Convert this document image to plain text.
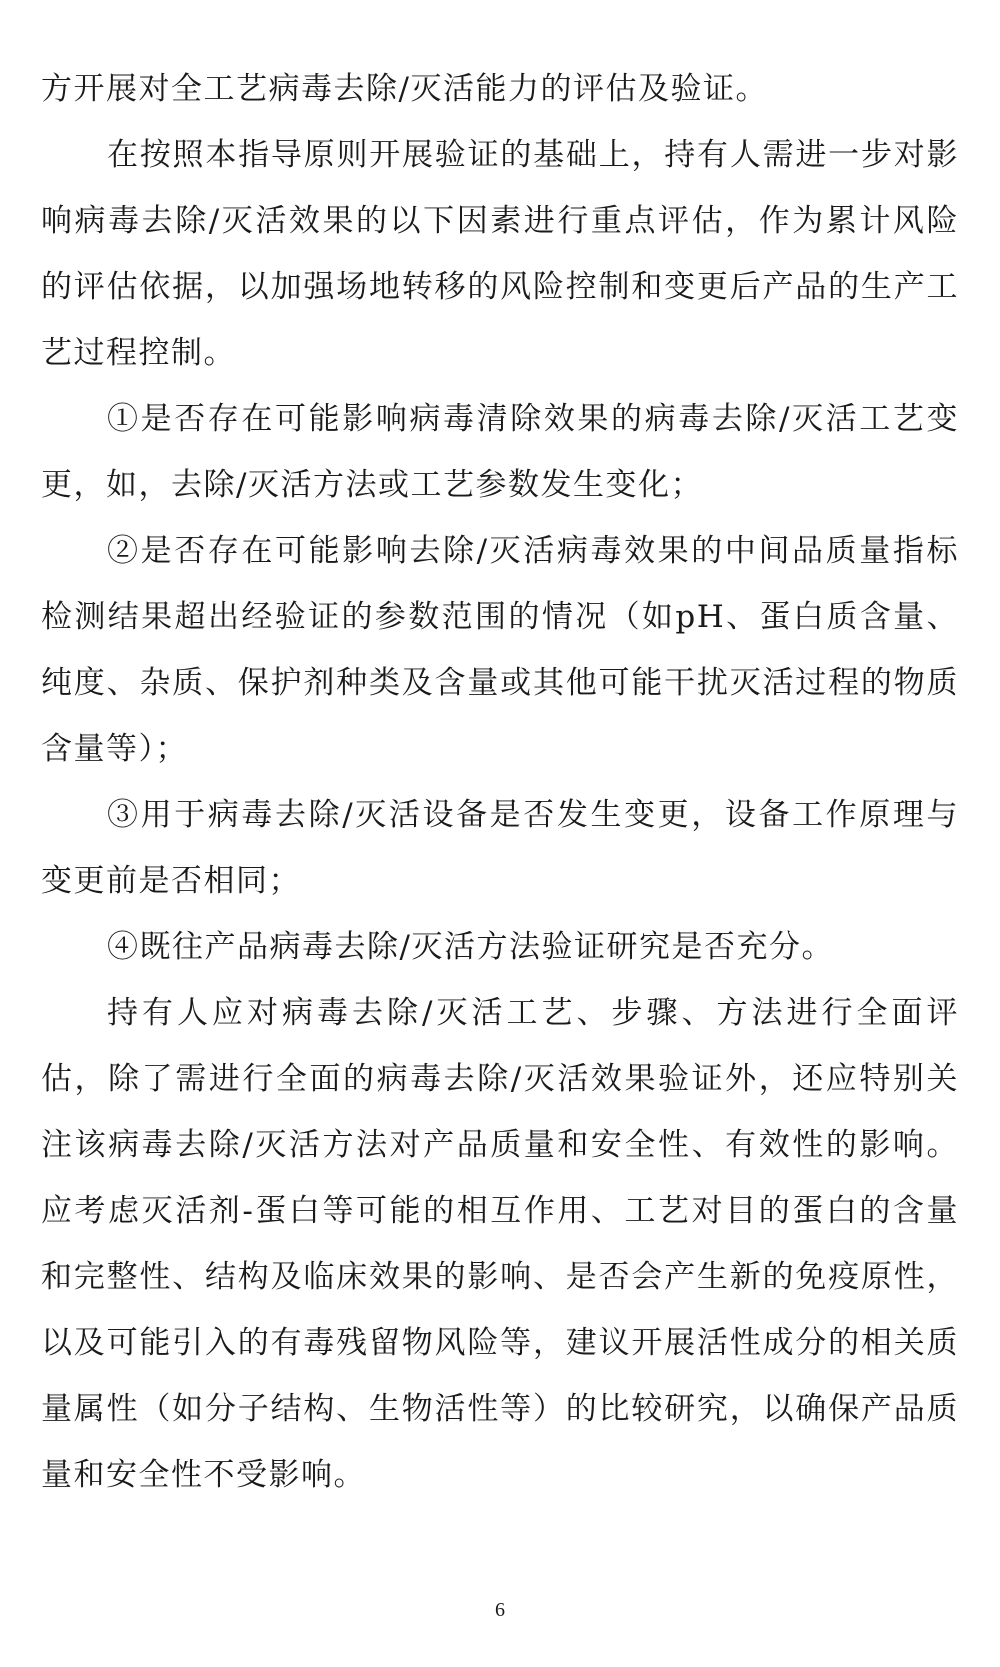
方开展对全工艺病毒去除/灭活能力的评估及验证。

在按照本指导原则开展验证的基础上，持有人需进一步对影响病毒去除/灭活效果的以下因素进行重点评估，作为累计风险的评估依据，以加强场地转移的风险控制和变更后产品的生产工艺过程控制。

①是否存在可能影响病毒清除效果的病毒去除/灭活工艺变更，如，去除/灭活方法或工艺参数发生变化；

②是否存在可能影响去除/灭活病毒效果的中间品质量指标检测结果超出经验证的参数范围的情况（如pH、蛋白质含量、纯度、杂质、保护剂种类及含量或其他可能干扰灭活过程的物质含量等）；

③用于病毒去除/灭活设备是否发生变更，设备工作原理与变更前是否相同；

④既往产品病毒去除/灭活方法验证研究是否充分。

持有人应对病毒去除/灭活工艺、步骤、方法进行全面评估，除了需进行全面的病毒去除/灭活效果验证外，还应特别关注该病毒去除/灭活方法对产品质量和安全性、有效性的影响。应考虑灭活剂-蛋白等可能的相互作用、工艺对目的蛋白的含量和完整性、结构及临床效果的影响、是否会产生新的免疫原性，以及可能引入的有毒残留物风险等，建议开展活性成分的相关质量属性（如分子结构、生物活性等）的比较研究，以确保产品质量和安全性不受影响。

6
